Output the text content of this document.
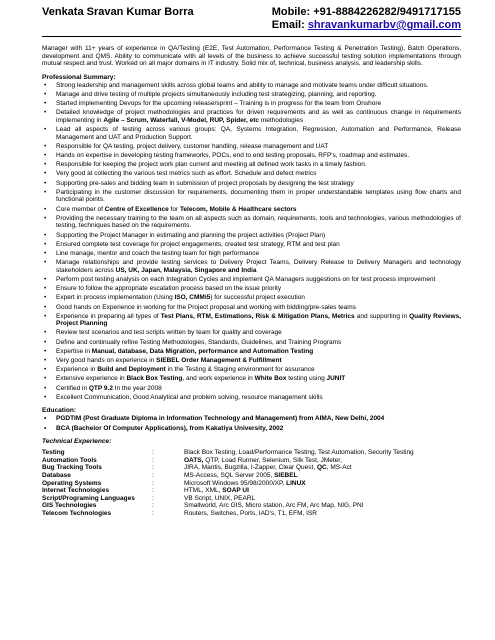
Venkata Sravan Kumar Borra	Mobile: +91-8884226282/9491717155
Email: shravankumarbv@gmail.com
Manager with 11+ years of experience in QA/Testing (E2E, Test Automation, Performance Testing & Penetration Testing), Batch Operations, development and QMS. Ability to communicate with all levels of the business to achieve successful testing solution implementations through mutual respect and trust. Worked on all major domains in IT industry. Solid mix of, technical, business analysis, and leadership skills.
Professional Summary:
• Strong leadership and management skills across global teams and ability to manage and motivate teams under difficult situations.
• Manage and drive testing of multiple projects simultaneously including test strategizing, planning, and reporting.
• Started implementing Devops for the upcoming release/sprint – Training is in progress for the team from Onshore
• Detailed knowledge of project methodologies and practices for driven requirements and as well as continuous change in requirements implementing in Agile – Scrum, Waterfall, V-Model, RUP, Spider, etc methodologies
• Lead all aspects of testing across various groups: QA, Systems Integration, Regression, Automation and Performance, Release Management and UAT and Production Support.
• Responsible for QA testing, project delivery, customer handling, release management and UAT
• Hands on expertise in developing testing frameworks, POCs, end to end testing proposals, RFP's, roadmap and estimates.
• Responsible for keeping the project work plan current and meeting all defined work tasks in a timely fashion.
• Very good at collecting the various test metrics such as effort. Schedule and defect metrics
• Supporting pre-sales and bidding team in submission of project proposals by designing the test strategy
• Participating in the customer discussion for requirements, documenting them in proper understandable templates using flow charts and functional points.
• Core member of Centre of Excellence for Telecom, Mobile & Healthcare sectors
• Providing the necessary training to the team on all aspects such as domain, requirements, tools and technologies, various methodologies of testing, techniques based on the requirements.
• Supporting the Project Manager in estimating and planning the project activities (Project Plan)
• Ensured complete test coverage for project engagements, created test strategy, RTM and test plan
• Line manage, mentor and coach the testing team for high performance
• Manage relationships and provide testing services to Delivery Project Teams, Delivery Release to Delivery Managers and technology stakeholders across US, UK, Japan, Malaysia, Singapore and India
• Perform post testing analysis on each Integration Cycles and implement QA Managers suggestions on for test process improvement
• Ensure to follow the appropriate escalation process based on the issue priority
• Expert in process implementation (Using ISO, CMMi5) for successful project execution
• Good hands on Experience in working for the Project proposal and working with bidding/pre-sales teams
• Experience in preparing all types of Test Plans, RTM, Estimations, Risk & Mitigation Plans, Metrics and supporting in Quality Reviews, Project Planning
• Review test scenarios and test scripts written by team for quality and coverage
• Define and continually refine Testing Methodologies, Standards, Guidelines, and Training Programs
• Expertise in Manual, database, Data Migration, performance and Automation Testing
• Very good hands on experience in SIEBEL Order Management & Fulfillment
• Experience in Build and Deployment in the Testing & Staging environment for assurance
• Extensive experience in Black Box Testing, and work experience in White Box testing using JUNIT
• Certified in QTP 9.2 In the year 2008
• Excellent Communication, Good Analytical and problem solving, resource management skills
Education:
• PGDTIM (Post Graduate Diploma in Information Technology and Management) from AIMA, New Delhi, 2004
• BCA (Bachelor Of Computer Applications), from Kakatiya University, 2002
Technical Experience:
Testing	:	Black Box Testing, Load/Performance Testing, Test Automation, Security Testing
Automation Tools	:	OATS, QTP, Load Runner, Selenium, Silk Test, JMeter,
Bug Tracking Tools	:	JIRA, Mantis, Bugzilla, I-Zapper, Clear Quest, QC, MS-Act
Database	:	MS-Access, SQL Server 2005, SIEBEL
Operating Systems	:	Microsoft Windows 95/98/2000/XP, LINUX
Internet Technologies	:	HTML, XML, SOAP UI
Script/Programing Languages	:	VB Script, UNIX, PEARL
GIS Technologies	:	Smallworld, Arc GIS, Micro station, Arc FM, Arc Map, NIG, PNI
Telecom Technologies	:	Routers, Switches, Ports, IAD's, T1, EFM, ISR
